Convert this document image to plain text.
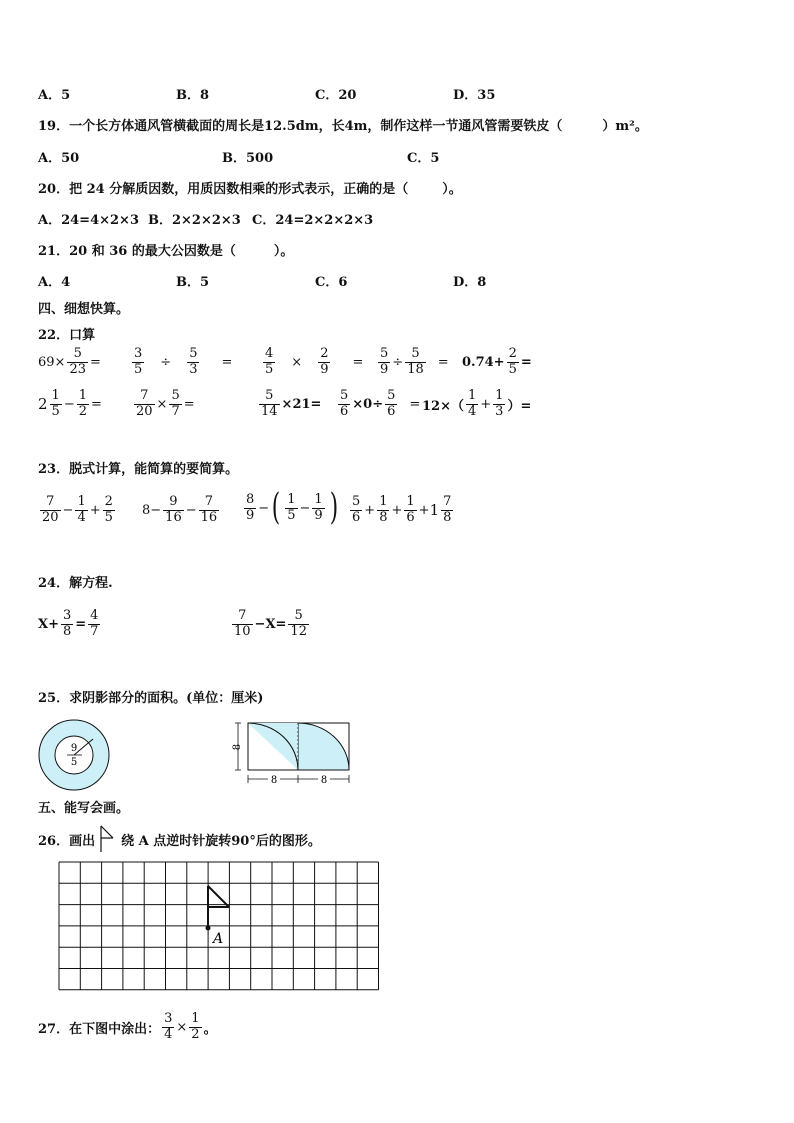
A．5	B．8	C．20	D．35
19．一个长方体通风管横截面的周长是12.5dm，长4m，制作这样一节通风管需要铁皮（	）m²。
A．50	B．500	C．5
20．把 24 分解质因数，用质因数相乘的形式表示，正确的是（	）。
A．24=4×2×3 B．2×2×2×3 C．24=2×2×2×3
21．20 和 36 的最大公因数是（	）。
A．4	B．5	C．6	D．8
四、细想快算。
22．口算
$69 \times \frac{5}{23} = \frac{3}{5} \div \frac{5}{3} = \frac{4}{5} \times \frac{2}{9} = \frac{5}{9} \div \frac{5}{18} = 0.74+ \frac{2}{5}$ =
$2 \frac{1}{5} - \frac{1}{2} = \frac{7}{20} \times \frac{5}{7}$ =	$\frac{5}{14} \times 21= \frac{5}{6} \times 0\div \frac{5}{6} = 12\times( \frac{1}{4} + \frac{1}{3}$ ）=
23．脱式计算，能简算的要简算。
$\frac{7}{20} - \frac{1}{4} + \frac{2}{5} 8- \frac{9}{16} - \frac{7}{16} \frac{8}{9}$ − ( $\frac{1}{5} - \frac{1}{9}$ ) $\frac{5}{6} + \frac{1}{8} + \frac{1}{6} + 1 \frac{7}{8}$
24．解方程.
$X+ \frac{3}{8} = \frac{4}{7}$	$\frac{7}{10} -X= \frac{5}{12}$
25．求阴影部分的面积。(单位：厘米)
9
5
8
8	8
五、能写会画。
26．画出 绕 A 点逆时针旋转90°后的图形。
A
27．在下图中涂出： $\frac{3}{4} \times \frac{1}{2}$ 。
